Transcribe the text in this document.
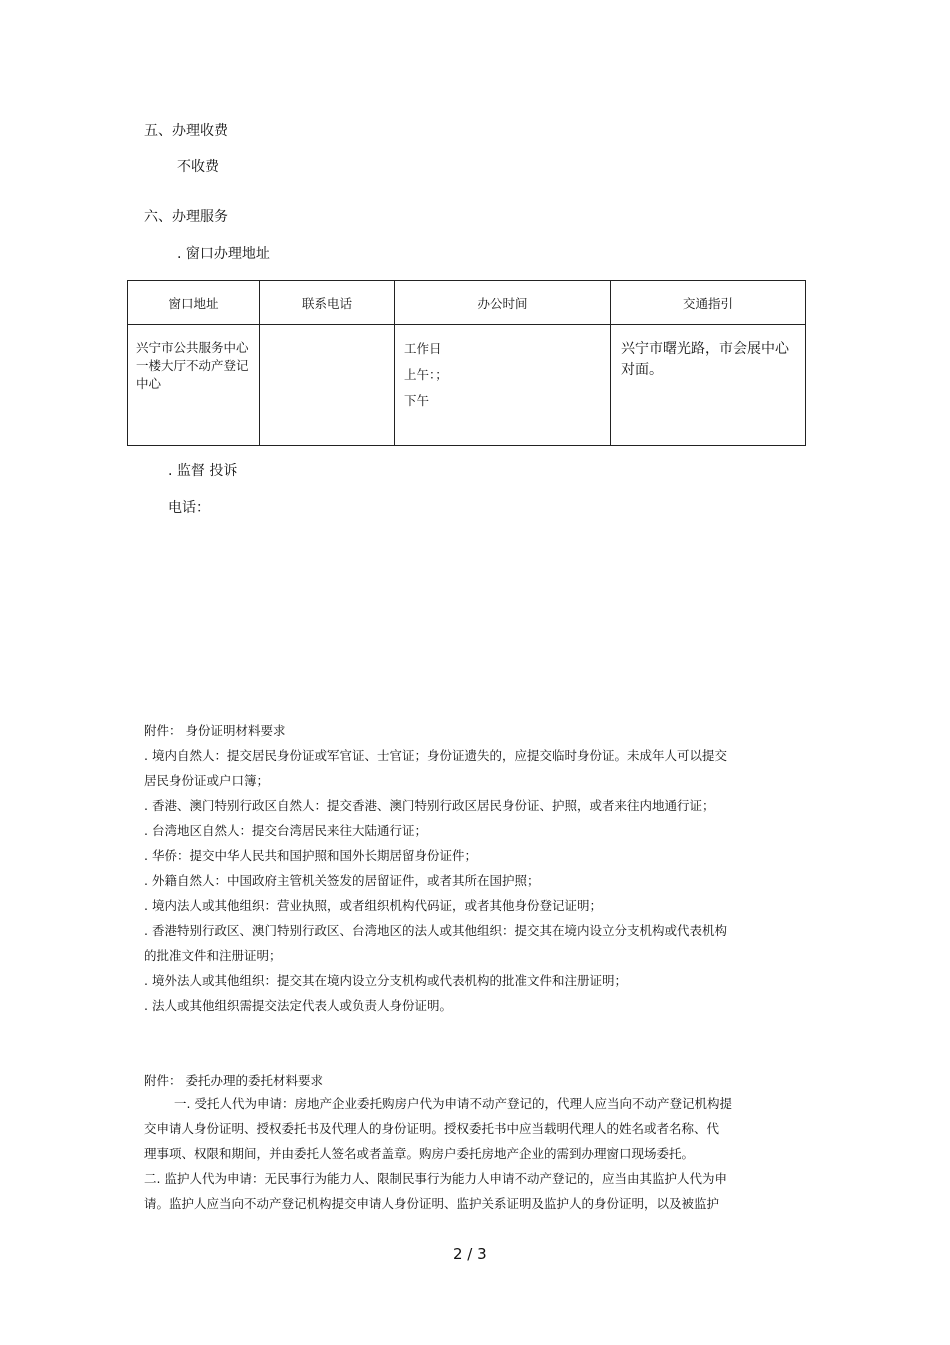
五、办理收费
不收费
六、办理服务
. 窗口办理地址
窗口地址	联系电话	办公时间	交通指引
兴宁市公共服务中心一楼大厅不动产登记中心		工作日
上午：；
下午	兴宁市曙光路，市会展中心对面。
. 监督 投诉
电话：
附件： 身份证明材料要求
. 境内自然人：提交居民身份证或军官证、士官证；身份证遗失的，应提交临时身份证。未成年人可以提交
居民身份证或户口簿；
. 香港、澳门特别行政区自然人：提交香港、澳门特别行政区居民身份证、护照，或者来往内地通行证；
. 台湾地区自然人：提交台湾居民来往大陆通行证；
. 华侨：提交中华人民共和国护照和国外长期居留身份证件；
. 外籍自然人：中国政府主管机关签发的居留证件，或者其所在国护照；
. 境内法人或其他组织：营业执照，或者组织机构代码证，或者其他身份登记证明；
. 香港特别行政区、澳门特别行政区、台湾地区的法人或其他组织：提交其在境内设立分支机构或代表机构
的批准文件和注册证明；
. 境外法人或其他组织：提交其在境内设立分支机构或代表机构的批准文件和注册证明；
. 法人或其他组织需提交法定代表人或负责人身份证明。
附件： 委托办理的委托材料要求
一. 受托人代为申请：房地产企业委托购房户代为申请不动产登记的，代理人应当向不动产登记机构提
交申请人身份证明、授权委托书及代理人的身份证明。授权委托书中应当载明代理人的姓名或者名称、代
理事项、权限和期间，并由委托人签名或者盖章。购房户委托房地产企业的需到办理窗口现场委托。
二. 监护人代为申请：无民事行为能力人、限制民事行为能力人申请不动产登记的，应当由其监护人代为申
请。监护人应当向不动产登记机构提交申请人身份证明、监护关系证明及监护人的身份证明，以及被监护
2 / 3
